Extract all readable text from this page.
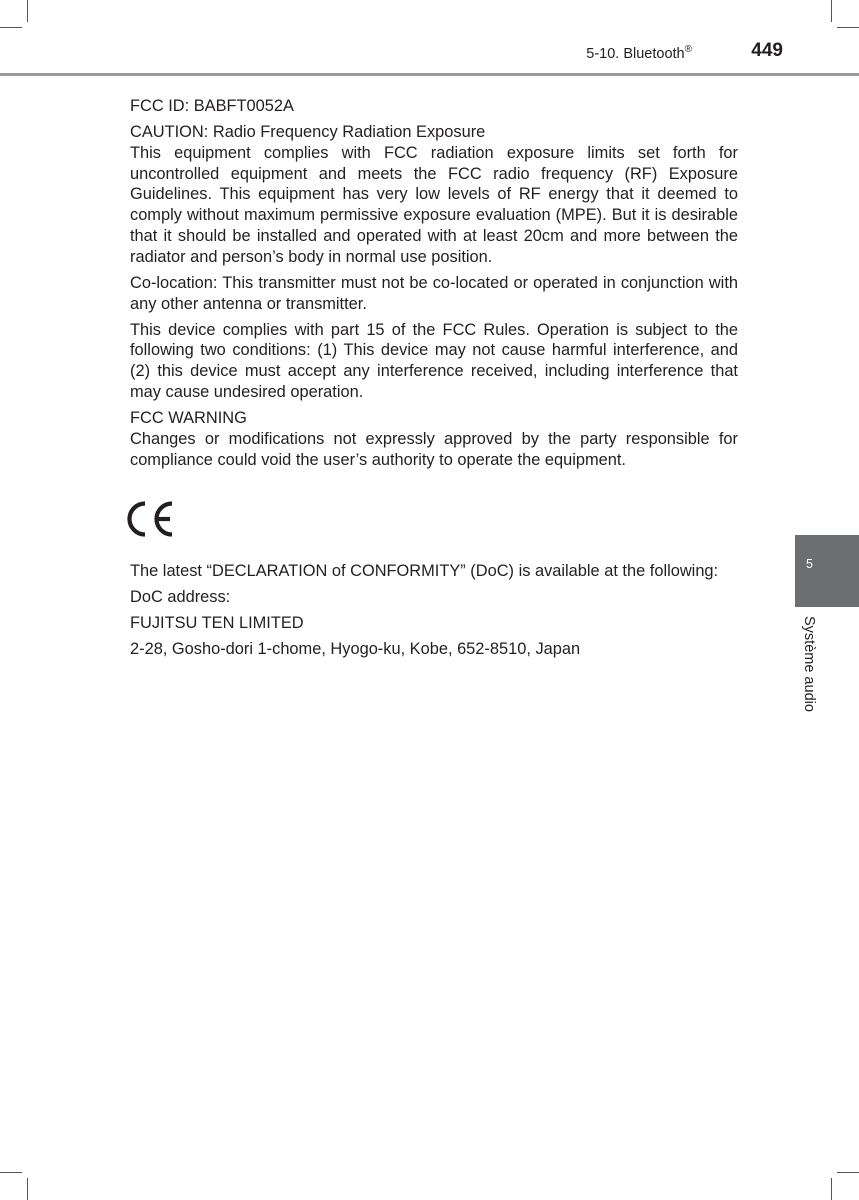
5-10. Bluetooth®	449

FCC ID: BABFT0052A

CAUTION: Radio Frequency Radiation Exposure

This equipment complies with FCC radiation exposure limits set forth for uncontrolled equipment and meets the FCC radio frequency (RF) Exposure Guidelines. This equipment has very low levels of RF energy that it deemed to comply without maximum permissive exposure evaluation (MPE). But it is desirable that it should be installed and operated with at least 20cm and more between the radiator and person’s body in normal use position.

Co-location: This transmitter must not be co-located or operated in conjunction with any other antenna or transmitter.

This device complies with part 15 of the FCC Rules. Operation is subject to the following two conditions: (1) This device may not cause harmful interference, and (2) this device must accept any interference received, including interference that may cause undesired operation.

FCC WARNING

Changes or modifications not expressly approved by the party responsible for compliance could void the user’s authority to operate the equipment.

The latest “DECLARATION of CONFORMITY” (DoC) is available at the following:

DoC address:

FUJITSU TEN LIMITED

2-28, Gosho-dori 1-chome, Hyogo-ku, Kobe, 652-8510, Japan

5
Système audio
